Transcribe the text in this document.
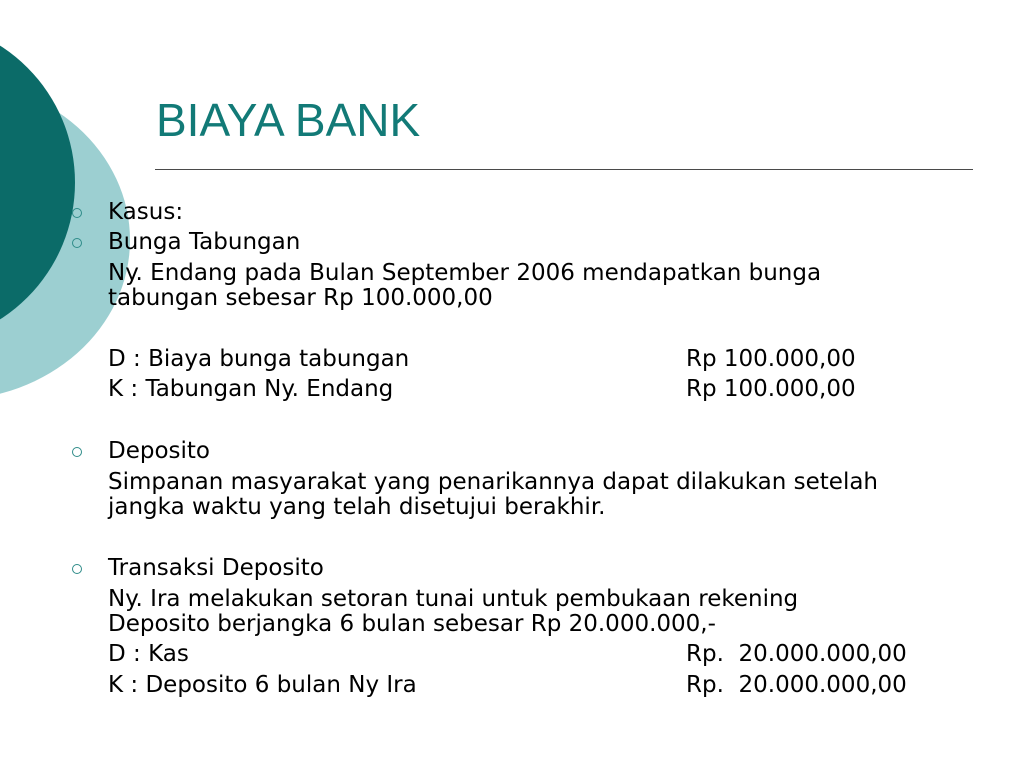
BIAYA BANK
Kasus:
Bunga Tabungan
Ny. Endang pada Bulan September 2006 mendapatkan bunga
tabungan sebesar Rp 100.000,00
D : Biaya bunga tabungan	Rp 100.000,00
K : Tabungan Ny. Endang	Rp 100.000,00
Deposito
Simpanan masyarakat yang penarikannya dapat dilakukan setelah
jangka waktu yang telah disetujui berakhir.
Transaksi Deposito
Ny. Ira melakukan setoran tunai untuk pembukaan rekening
Deposito berjangka 6 bulan sebesar Rp 20.000.000,-
D : Kas	Rp.  20.000.000,00
K : Deposito 6 bulan Ny Ira	Rp.  20.000.000,00
